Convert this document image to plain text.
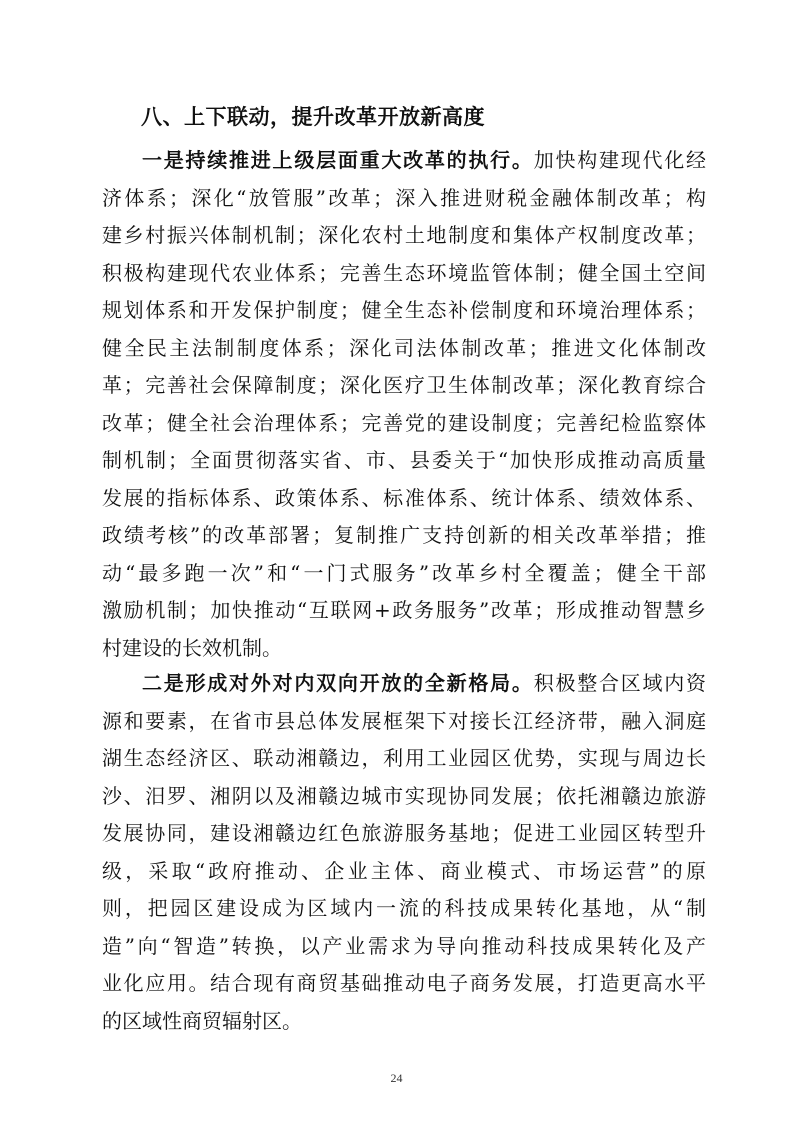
八、上下联动，提升改革开放新高度
一是持续推进上级层面重大改革的执行。加快构建现代化经
济体系；深化“放管服”改革；深入推进财税金融体制改革；构
建乡村振兴体制机制；深化农村土地制度和集体产权制度改革；
积极构建现代农业体系；完善生态环境监管体制；健全国土空间
规划体系和开发保护制度；健全生态补偿制度和环境治理体系；
健全民主法制制度体系；深化司法体制改革；推进文化体制改
革；完善社会保障制度；深化医疗卫生体制改革；深化教育综合
改革；健全社会治理体系；完善党的建设制度；完善纪检监察体
制机制；全面贯彻落实省、市、县委关于“加快形成推动高质量
发展的指标体系、政策体系、标准体系、统计体系、绩效体系、
政绩考核”的改革部署；复制推广支持创新的相关改革举措；推
动“最多跑一次”和“一门式服务”改革乡村全覆盖；健全干部
激励机制；加快推动“互联网+政务服务”改革；形成推动智慧乡
村建设的长效机制。
二是形成对外对内双向开放的全新格局。积极整合区域内资
源和要素，在省市县总体发展框架下对接长江经济带，融入洞庭
湖生态经济区、联动湘赣边，利用工业园区优势，实现与周边长
沙、汨罗、湘阴以及湘赣边城市实现协同发展；依托湘赣边旅游
发展协同，建设湘赣边红色旅游服务基地；促进工业园区转型升
级，采取“政府推动、企业主体、商业模式、市场运营”的原
则，把园区建设成为区域内一流的科技成果转化基地，从“制
造”向“智造”转换，以产业需求为导向推动科技成果转化及产
业化应用。结合现有商贸基础推动电子商务发展，打造更高水平
的区域性商贸辐射区。
24
